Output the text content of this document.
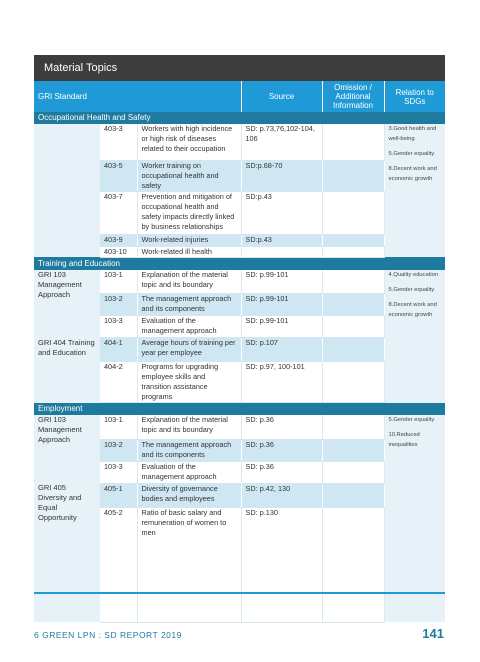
Material Topics
GRI Standard			Source	Omission / Additional Information	Relation to SDGs
Occupational Health and Safety					
	403-3	Workers with high incidence or high risk of diseases related to their occupation	SD: p.73,76,102-104, 106		3.Good health and well-being
5.Gender equality
8.Decent work and economic growth

	403-5	Worker training on occupational health and safety	SD:p.68-70		
	403-7	Prevention and mitigation of occupational health and safety impacts directly linked by business relationships	SD:p.43		
	403-9	Work-related injuries	SD:p.43		
	403-10	Work-related ill health			
Training and Education					
GRI 103 Management Approach	103-1	Explanation of the material topic and its boundary	SD: p.99-101		4.Quality education
5.Gender equality
8.Decent work and economic growth

	103-2	The management approach and its components	SD: p.99-101		
	103-3	Evaluation of the management approach	SD: p.99-101		
GRI 404 Training and Education	404-1	Average hours of training per year per employee	SD: p.107		
	404-2	Programs for upgrading employee skills and transition assistance programs	SD: p.97, 100-101		
Employment					
GRI 103 Management Approach	103-1	Explanation of the material topic and its boundary	SD: p.36		5.Gender equality
10.Reduced inequalities

	103-2	The management approach and its components	SD: p.36		
	103-3	Evaluation of the management approach	SD: p.36		
GRI 405 Diversity and Equal Opportunity	405-1	Diversity of governance bodies and employees	SD: p.42, 130		
	405-2	Ratio of basic salary and remuneration of women to men	SD: p.130		
6 GREEN LPN : SD REPORT 2019	141
